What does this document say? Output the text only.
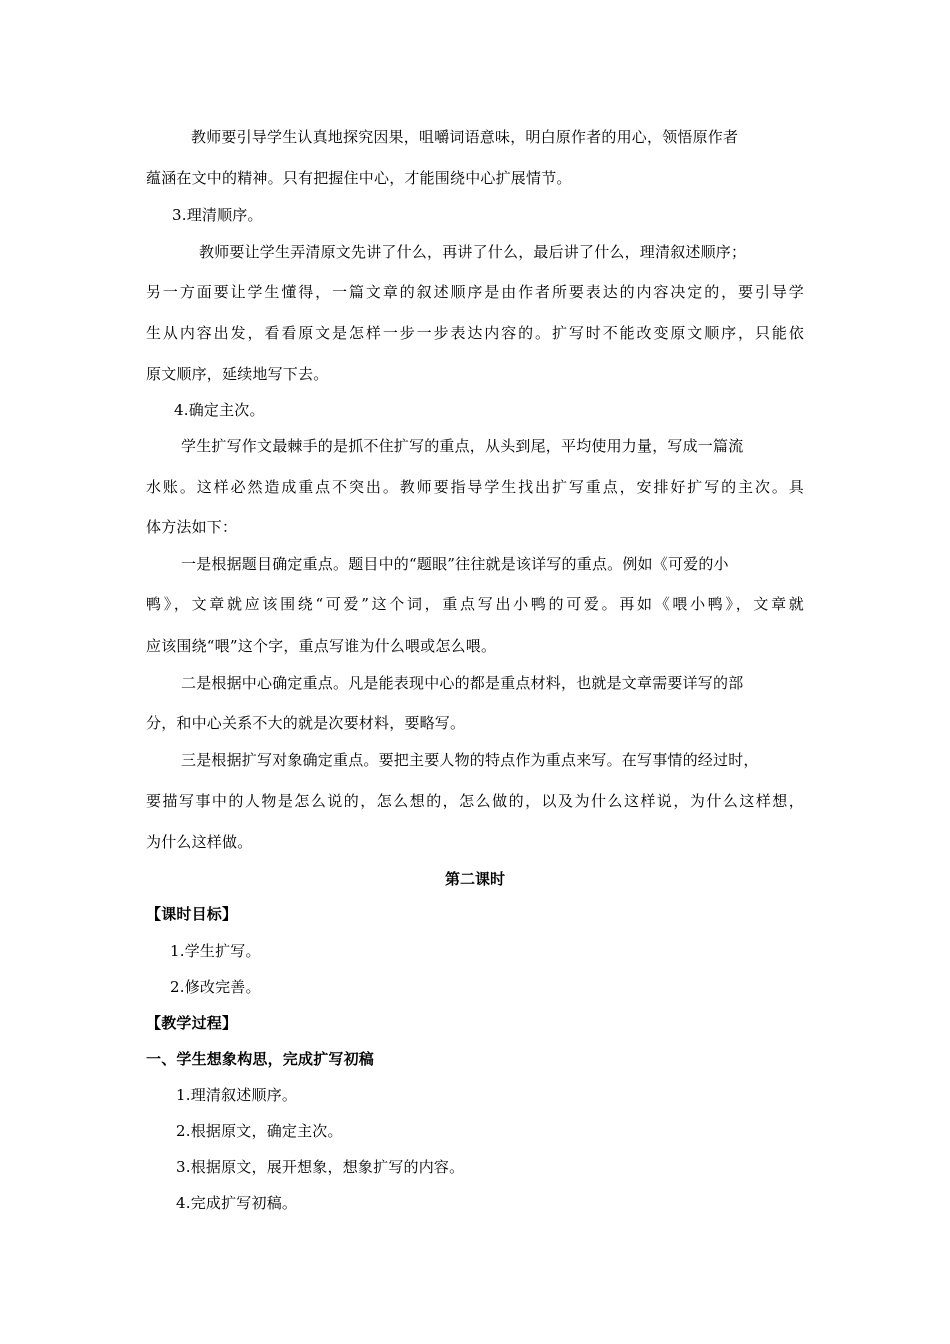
教师要引导学生认真地探究因果，咀嚼词语意味，明白原作者的用心，领悟原作者
蕴涵在文中的精神。只有把握住中心，才能围绕中心扩展情节。
3.理清顺序。
教师要让学生弄清原文先讲了什么，再讲了什么，最后讲了什么，理清叙述顺序；
另一方面要让学生懂得，一篇文章的叙述顺序是由作者所要表达的内容决定的，要引导学
生从内容出发，看看原文是怎样一步一步表达内容的。扩写时不能改变原文顺序，只能依
原文顺序，延续地写下去。
4.确定主次。
学生扩写作文最棘手的是抓不住扩写的重点，从头到尾，平均使用力量，写成一篇流
水账。这样必然造成重点不突出。教师要指导学生找出扩写重点，安排好扩写的主次。具
体方法如下：
一是根据题目确定重点。题目中的“题眼”往往就是该详写的重点。例如《可爱的小
鸭》，文章就应该围绕“可爱”这个词，重点写出小鸭的可爱。再如《喂小鸭》，文章就
应该围绕“喂”这个字，重点写谁为什么喂或怎么喂。
二是根据中心确定重点。凡是能表现中心的都是重点材料，也就是文章需要详写的部
分，和中心关系不大的就是次要材料，要略写。
三是根据扩写对象确定重点。要把主要人物的特点作为重点来写。在写事情的经过时，
要描写事中的人物是怎么说的，怎么想的，怎么做的，以及为什么这样说，为什么这样想，
为什么这样做。
第二课时
【课时目标】
1.学生扩写。
2.修改完善。
【教学过程】
一、学生想象构思，完成扩写初稿
1.理清叙述顺序。
2.根据原文，确定主次。
3.根据原文，展开想象，想象扩写的内容。
4.完成扩写初稿。
